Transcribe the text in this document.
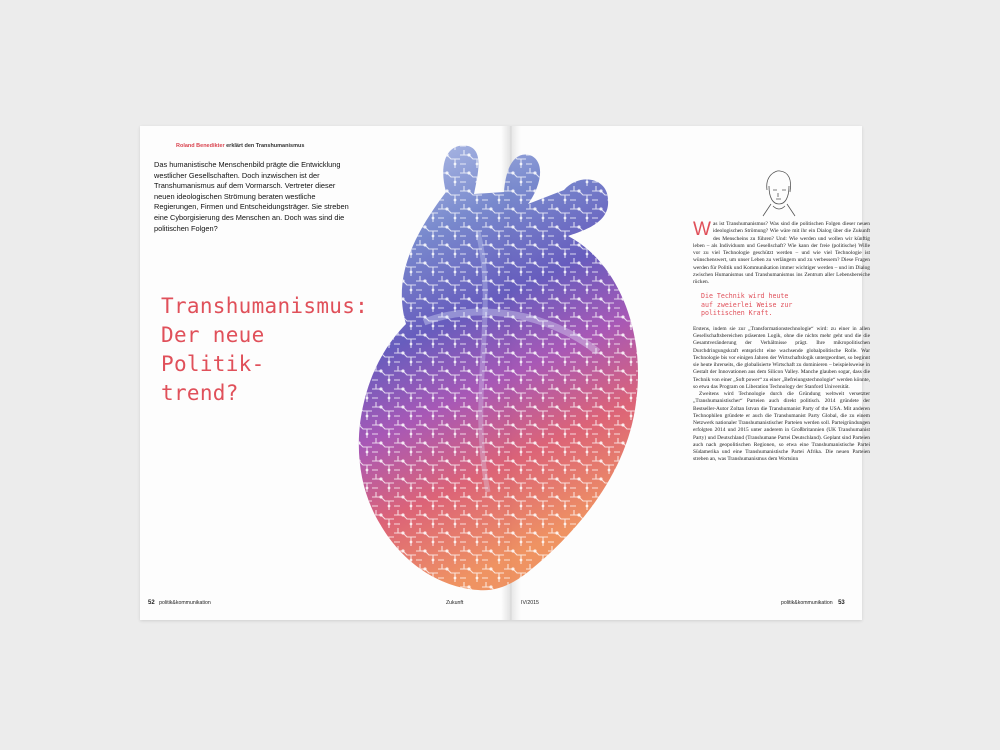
Roland Benedikter erklärt den Transhumanismus
Das humanistische Menschenbild prägte die Entwicklung westlicher Gesellschaften. Doch inzwischen ist der Transhumanismus auf dem Vormarsch. Vertreter dieser neuen ideologischen Strömung beraten westliche Regierungen, Firmen und Entscheidungsträger. Sie streben eine Cyborgisierung des Menschen an. Doch was sind die politischen Folgen?
Transhumanismus:
Der neue
Politik-
trend?
52 politik&kommunikation	Zukunft

Was ist Transhumanismus? Was sind die politischen Folgen dieser neuen ideologischen Strömung? Wie wäre mit ihr ein Dialog über die Zukunft des Menscheins zu führen? Und: Wie werden und wollen wir künftig leben – als Individuum und Gesellschaft? Wie kann der freie (politische) Wille vor zu viel Technologie geschützt werden – und wie viel Technologie ist wünschenswert, um unser Leben zu verlängern und zu verbessern? Diese Fragen werden für Politik und Kommunikation immer wichtiger werden – und im Dialog zwischen Humanismus und Transhumanismus ins Zentrum aller Lebensbereiche rücken.

Die Technik wird heute
auf zweierlei Weise zur
politischen Kraft.

Erstens, indem sie zur „Transformationstechnologie“ wird: zu einer in allen Gesellschaftsbereichen präsenten Logik, ohne die nichts mehr geht und die die Gesamtveränderung der Verhältnisse prägt. Ihre mikropolitischen Durchdringungskraft entspricht eine wachsende globalpolitische Rolle. War Technologie bis vor einigen Jahren der Wirtschaftslogik untergeordnet, so beginnt sie heute ihrerseits, die globalisierte Wirtschaft zu dominieren – beispielsweise in Gestalt der Innovationen aus dem Silicon Valley. Manche glauben sogar, dass die Technik von einer „Soft power“ zu einer „Befreiungstechnologie“ werden könnte, so etwa das Program on Liberation Technology der Stanford Universität.

Zweitens wird Technologie durch die Gründung weltweit versetzter „Transhumanistischer“ Parteien auch direkt politisch. 2014 gründete der Bestseller-Autor Zoltan Istvan die Transhumanist Party of the USA. Mit anderen Technophilen gründete er auch die Transhumanist Party Global, die zu einem Netzwerk nationaler Transhumanistischer Parteien werden soll. Parteigründungen erfolgten 2014 und 2015 unter anderem in Großbritannien (UK Transhumanist Party) und Deutschland (Transhumane Partei Deutschland). Geplant sind Parteien auch nach geopolitischen Regionen, so etwa eine Transhumanistische Partei Südamerika und eine Transhumanistische Partei Afrika. Die neuen Parteien streben an, was Transhumanismus dem Wortsinn

IV/2015	politik&kommunikation 53
